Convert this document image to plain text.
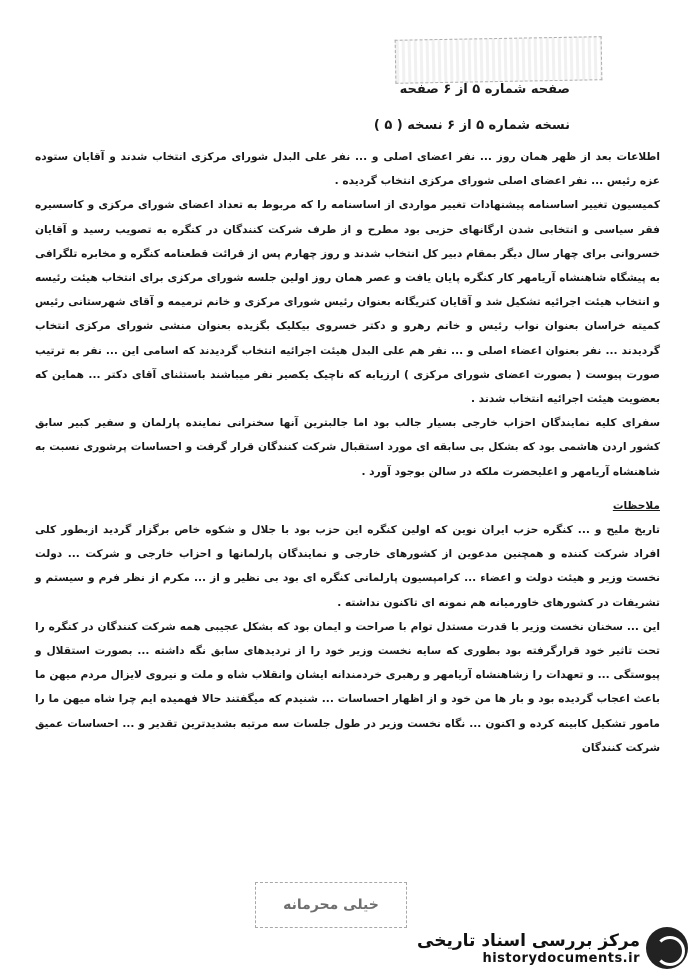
صفحه شماره ۵ از ۶ صفحه
نسخه شماره ۵ از ۶ نسخه ( ۵ )

اطلاعات بعد از ظهر همان روز ... نفر اعضای اصلی و ... نفر علی البدل شورای مرکزی انتخاب شدند و آقایان ستوده عزه رئیس ... نفر اعضای اصلی شورای مرکزی انتخاب گردیده .

کمیسیون تغییر اساسنامه پیشنهادات تغییر مواردی از اساسنامه را که مربوط به تعداد اعضای شورای مرکزی و کاسسیره فقر سیاسی و انتخابی شدن ارگانهای حزبی بود مطرح و از طرف شرکت کنندگان در کنگره به تصویب رسید و آقایان خسروانی برای چهار سال دیگر بمقام دبیر کل انتخاب شدند و روز چهارم پس از قرائت قطعنامه کنگره و مخابره تلگرافی به پیشگاه شاهنشاه آریامهر کار کنگره پایان یافت و عصر همان روز اولین جلسه شورای مرکزی برای انتخاب هیئت رئیسه و انتخاب هیئت اجرائیه تشکیل شد و آقایان کتریگانه بعنوان رئیس شورای مرکزی و خانم ترمیمه و آقای شهرستانی رئیس کمیته خراسان بعنوان نواب رئیس و خانم رهرو و دکتر خسروی بیکلیک بگزیده بعنوان منشی شورای مرکزی انتخاب گردیدند ... نفر بعنوان اعضاء اصلی و ... نفر هم علی البدل هیئت اجرائیه انتخاب گردیدند که اسامی این ... نفر به ترتیب صورت پیوست ( بصورت اعضای شورای مرکزی ) ارزیابه که ناچیک یکصیر نفر میباشند باستثنای آقای دکتر ... هماین که بعضویت هیئت اجرائیه انتخاب شدند .

سفرای کلیه نمایندگان احزاب خارجی بسیار جالب بود اما جالبترین آنها سخنرانی نماینده پارلمان و سفیر کبیر سابق کشور اردن هاشمی بود که بشکل بی سابقه ای مورد استقبال شرکت کنندگان قرار گرفت و احساسات پرشوری نسبت به شاهنشاه آریامهر و اعلیحضرت ملکه در سالن بوجود آورد .

ملاحظات

تاریخ ملیح و ... کنگره حزب ایران نوین که اولین کنگره این حزب بود با جلال و شکوه خاص برگزار گردید ازبطور کلی افراد شرکت کننده و همچنین مدعوین از کشورهای خارجی و نمایندگان پارلمانها و احزاب خارجی و شرکت ... دولت نخست وزیر و هیئت دولت و اعضاء ... کرامپسیون پارلمانی کنگره ای بود بی نظیر و از ... مکرم از نظر فرم و سیستم و تشریفات در کشورهای خاورمیانه هم نمونه ای تاکنون نداشته .

این ... سخنان نخست وزیر با قدرت مستدل توام با صراحت و ایمان بود که بشکل عجیبی همه شرکت کنندگان در کنگره را تحت تاثیر خود قرارگرفته بود بطوری که سایه نخست وزیر خود را از تردیدهای سابق نگه داشته ... بصورت استقلال و پیوستگی ... و تعهدات را زشاهنشاه آریامهر و رهبری خردمندانه ایشان وانقلاب شاه و ملت و نیروی لایزال مردم میهن ما باعث اعجاب گردیده بود و بار ها من خود و از اظهار احساسات ... شنیدم که میگفتند حالا فهمیده ایم چرا شاه میهن ما را مامور تشکیل کابینه کرده و اکنون ... نگاه نخست وزیر در طول جلسات سه مرتبه بشدیدترین تقدیر و ... احساسات عمیق شرکت کنندگان

خیلی محرمانه
مرکز بررسی اسناد تاریخی
historydocuments.ir
